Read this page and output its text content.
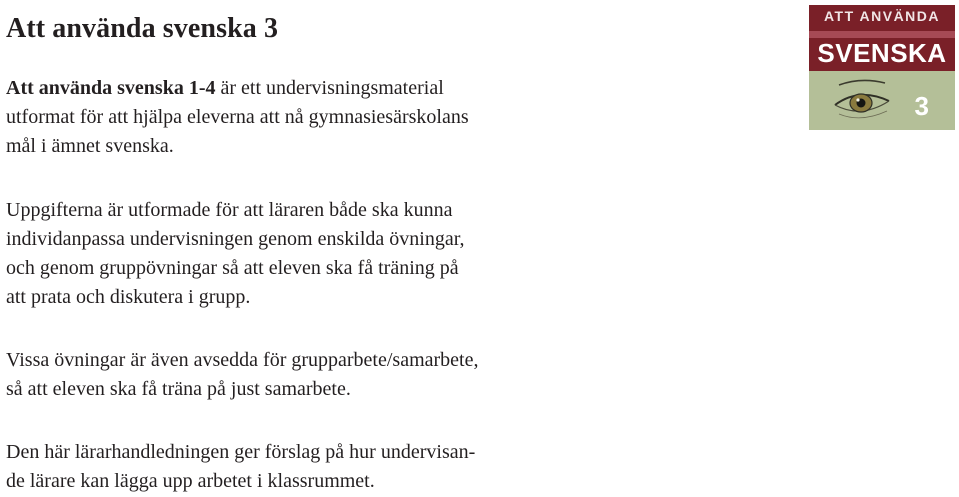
Att använda svenska 3

Att använda svenska 1-4 är ett undervisningsmaterial
utformat för att hjälpa eleverna att nå gymnasiesärskolans
mål i ämnet svenska.

Uppgifterna är utformade för att läraren både ska kunna
individanpassa undervisningen genom enskilda övningar,
och genom gruppövningar så att eleven ska få träning på
att prata och diskutera i grupp.

Vissa övningar är även avsedda för grupparbete/samarbete,
så att eleven ska få träna på just samarbete.

Den här lärarhandledningen ger förslag på hur undervisan-
de lärare kan lägga upp arbetet i klassrummet.

ATT ANVÄNDA
SVENSKA
3
